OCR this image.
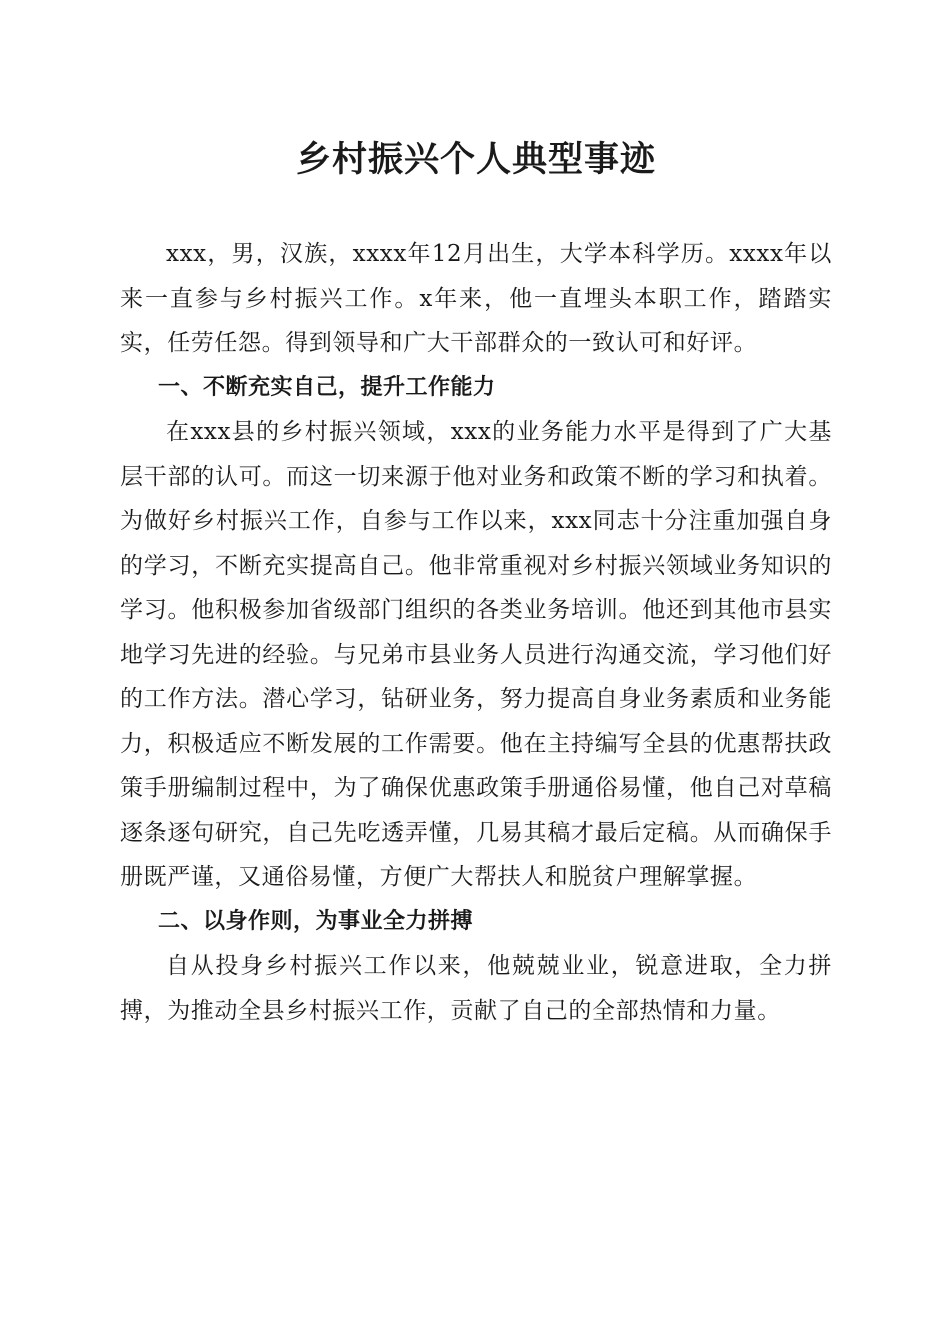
乡村振兴个人典型事迹

xxx，男，汉族，xxxx年12月出生，大学本科学历。xxxx年以来一直参与乡村振兴工作。x年来，他一直埋头本职工作，踏踏实实，任劳任怨。得到领导和广大干部群众的一致认可和好评。

一、不断充实自己，提升工作能力

在xxx县的乡村振兴领域，xxx的业务能力水平是得到了广大基层干部的认可。而这一切来源于他对业务和政策不断的学习和执着。为做好乡村振兴工作，自参与工作以来，xxx同志十分注重加强自身的学习，不断充实提高自己。他非常重视对乡村振兴领域业务知识的学习。他积极参加省级部门组织的各类业务培训。他还到其他市县实地学习先进的经验。与兄弟市县业务人员进行沟通交流，学习他们好的工作方法。潜心学习，钻研业务，努力提高自身业务素质和业务能力，积极适应不断发展的工作需要。他在主持编写全县的优惠帮扶政策手册编制过程中，为了确保优惠政策手册通俗易懂，他自己对草稿逐条逐句研究，自己先吃透弄懂，几易其稿才最后定稿。从而确保手册既严谨，又通俗易懂，方便广大帮扶人和脱贫户理解掌握。

二、以身作则，为事业全力拼搏

自从投身乡村振兴工作以来，他兢兢业业，锐意进取，全力拼搏，为推动全县乡村振兴工作，贡献了自己的全部热情和力量。
